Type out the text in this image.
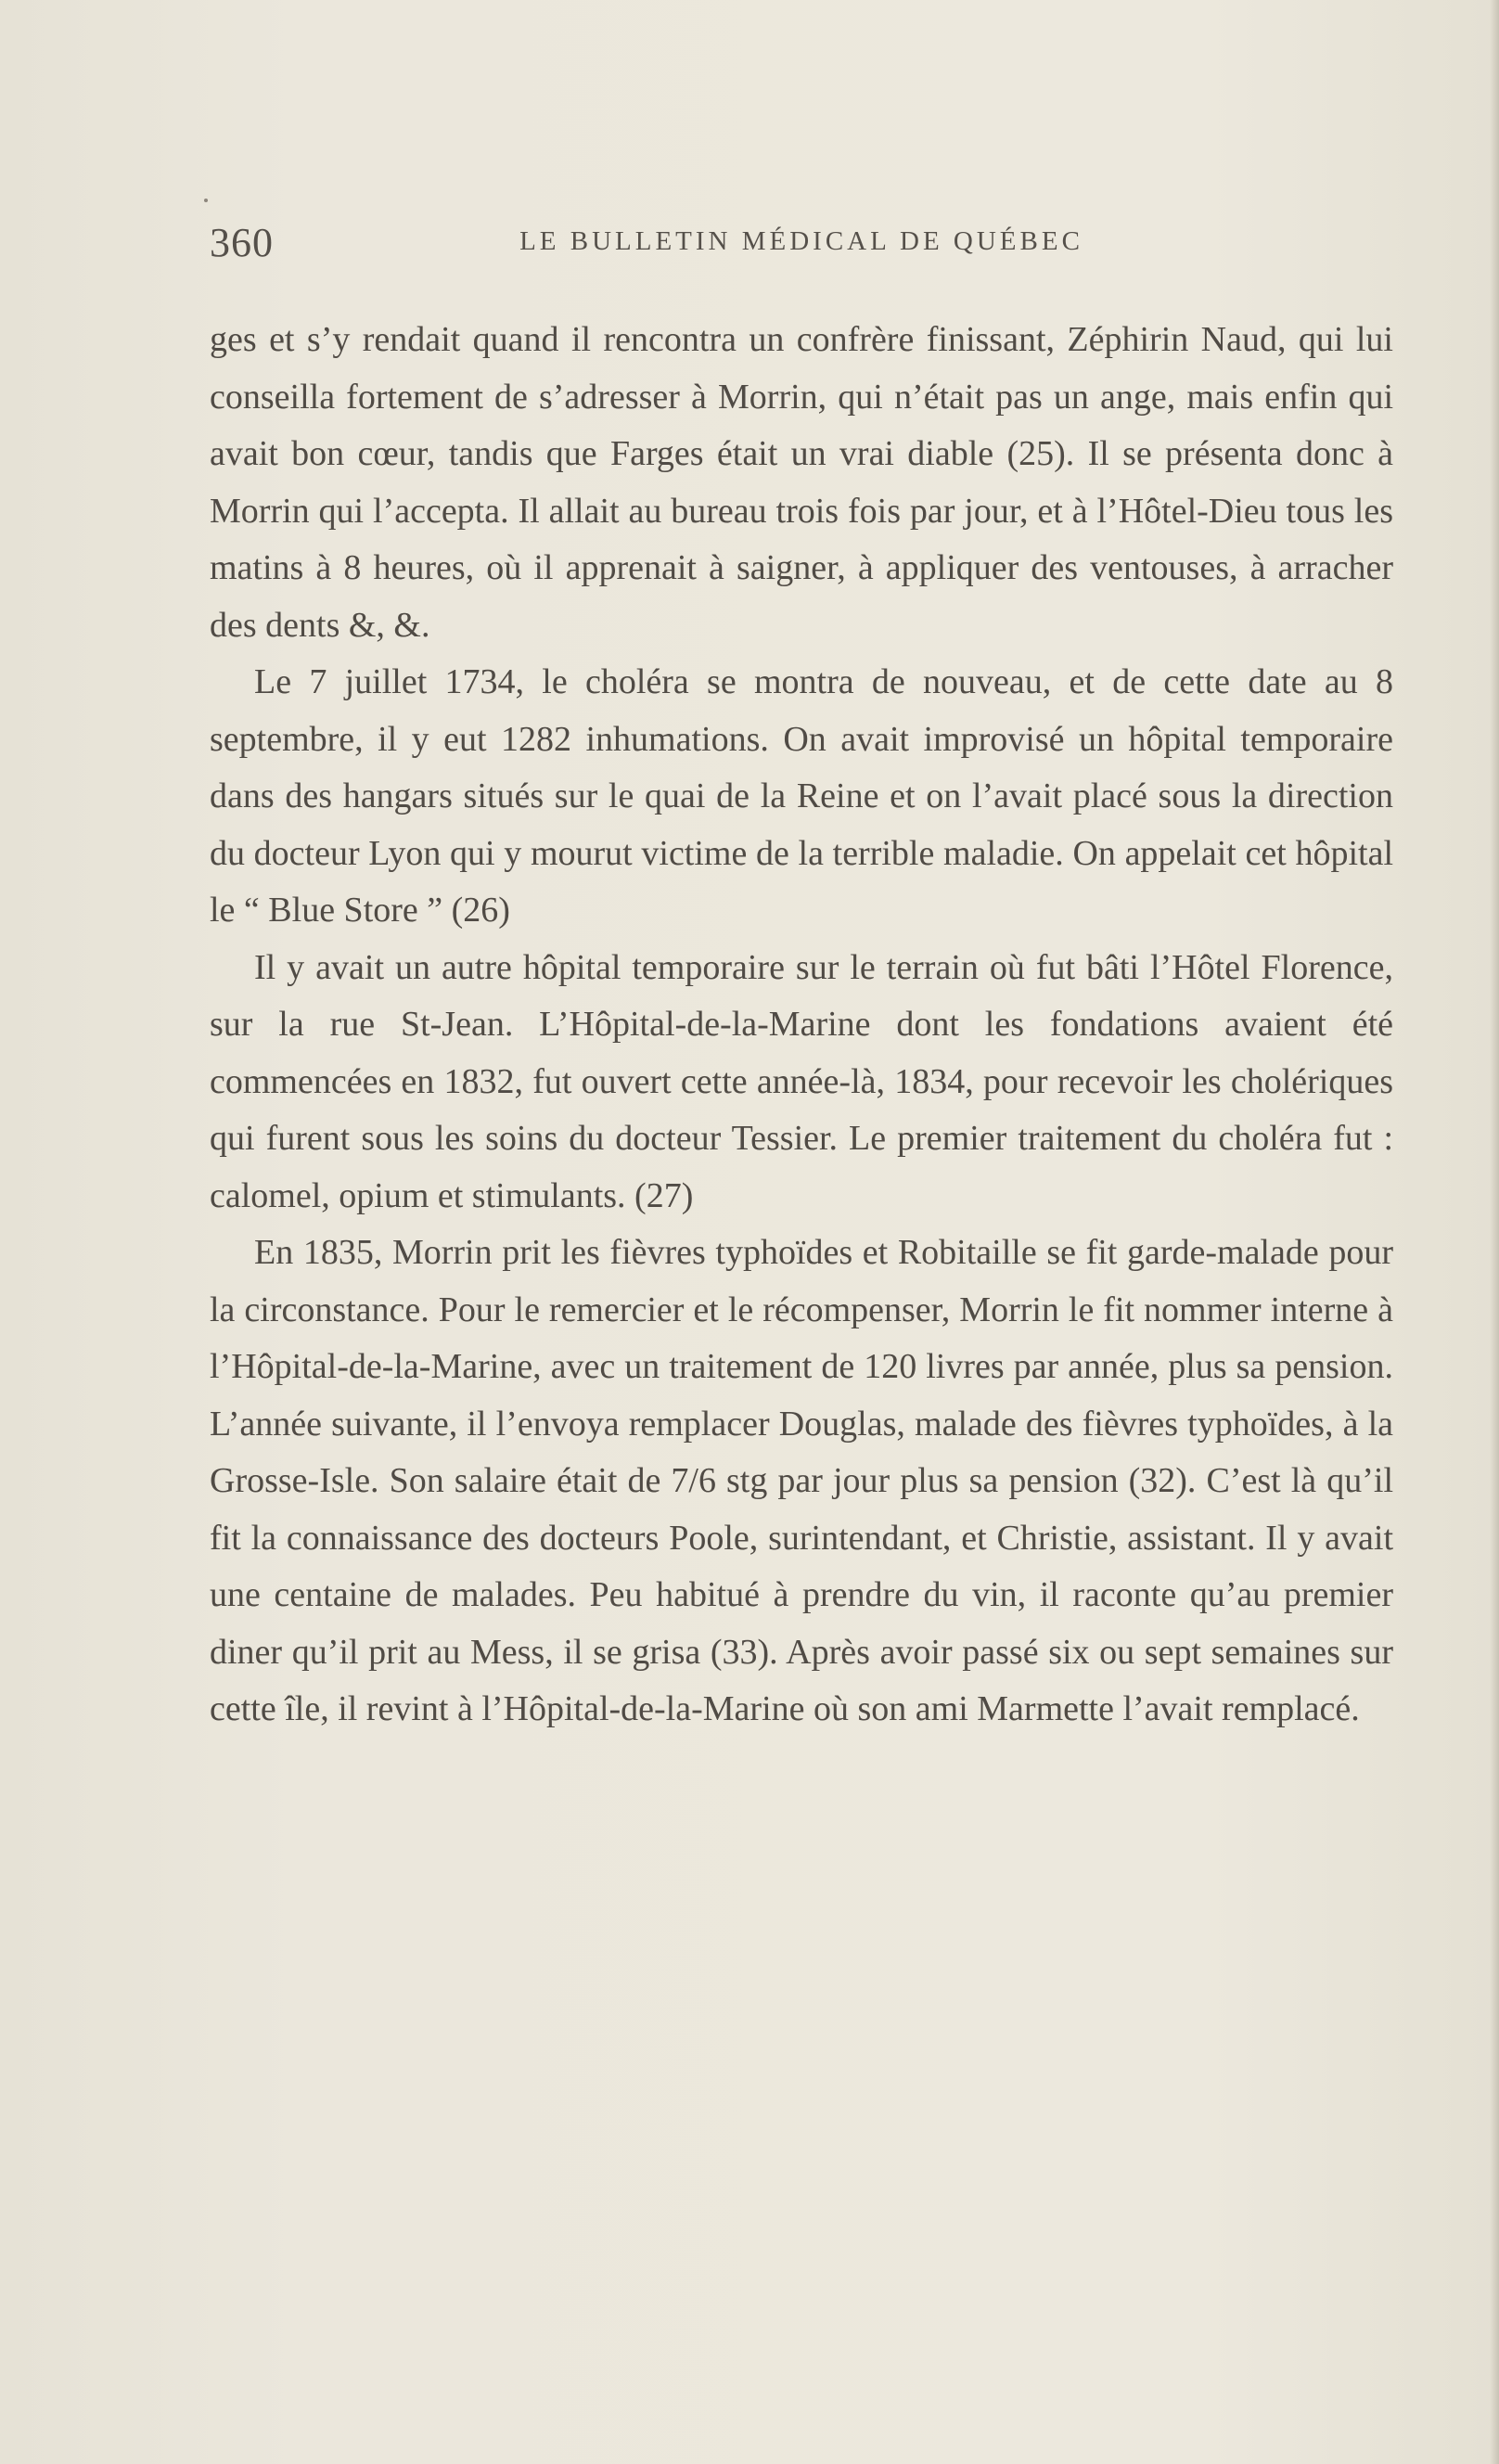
360	LE BULLETIN MÉDICAL DE QUÉBEC

ges et s’y rendait quand il rencontra un confrère finissant, Zéphirin Naud, qui lui conseilla fortement de s’adresser à Morrin, qui n’était pas un ange, mais enfin qui avait bon cœur, tandis que Farges était un vrai diable (25). Il se présenta donc à Morrin qui l’accepta. Il allait au bureau trois fois par jour, et à l’Hôtel-Dieu tous les matins à 8 heures, où il apprenait à saigner, à appliquer des ventouses, à arracher des dents &, &.

Le 7 juillet 1734, le choléra se montra de nouveau, et de cette date au 8 septembre, il y eut 1282 inhumations. On avait improvisé un hôpital temporaire dans des hangars situés sur le quai de la Reine et on l’avait placé sous la direction du docteur Lyon qui y mourut victime de la terrible maladie. On appelait cet hôpital le “ Blue Store ” (26)

Il y avait un autre hôpital temporaire sur le terrain où fut bâti l’Hôtel Florence, sur la rue St-Jean. L’Hôpital-de-la-Marine dont les fondations avaient été commencées en 1832, fut ouvert cette année-là, 1834, pour recevoir les cholériques qui furent sous les soins du docteur Tessier. Le premier traitement du choléra fut : calomel, opium et stimulants. (27)

En 1835, Morrin prit les fièvres typhoïdes et Robitaille se fit garde-malade pour la circonstance. Pour le remercier et le récompenser, Morrin le fit nommer interne à l’Hôpital-de-la-Marine, avec un traitement de 120 livres par année, plus sa pension. L’année suivante, il l’envoya remplacer Douglas, malade des fièvres typhoïdes, à la Grosse-Isle. Son salaire était de 7/6 stg par jour plus sa pension (32). C’est là qu’il fit la connaissance des docteurs Poole, surintendant, et Christie, assistant. Il y avait une centaine de malades. Peu habitué à prendre du vin, il raconte qu’au premier diner qu’il prit au Mess, il se grisa (33). Après avoir passé six ou sept semaines sur cette île, il revint à l’Hôpital-de-la-Marine où son ami Marmette l’avait remplacé.
